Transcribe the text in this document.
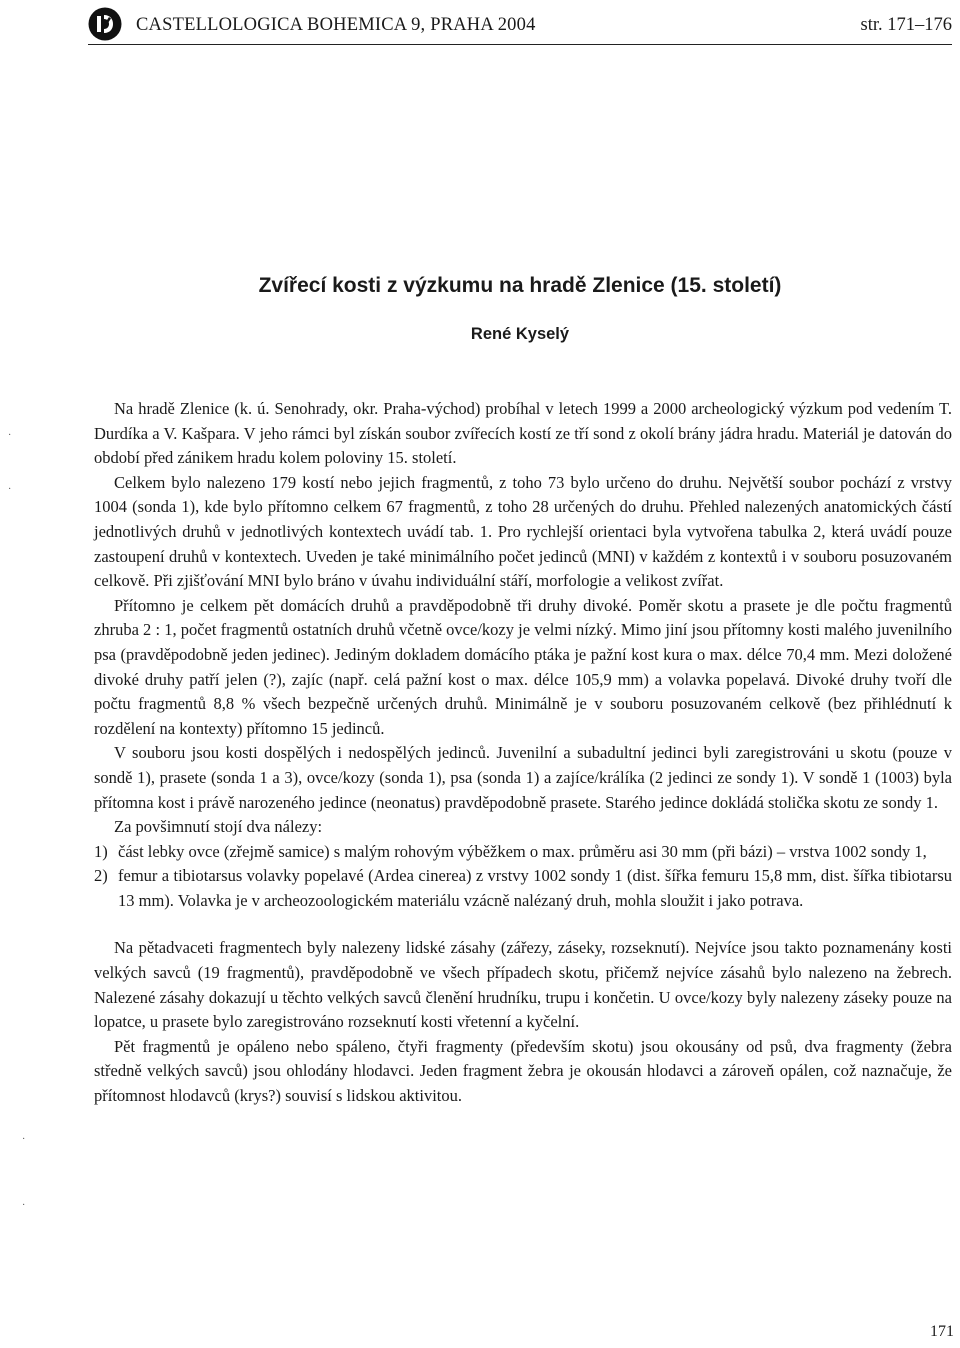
CASTELLOLOGICA BOHEMICA 9, PRAHA 2004	str. 171–176
Zvířecí kosti z výzkumu na hradě Zlenice (15. století)
René Kyselý

Na hradě Zlenice (k. ú. Senohrady, okr. Praha-východ) probíhal v letech 1999 a 2000 archeologický výzkum pod vedením T. Durdíka a V. Kašpara. V jeho rámci byl získán soubor zvířecích kostí ze tří sond z okolí brány jádra hradu. Materiál je datován do období před zánikem hradu kolem poloviny 15. století.

Celkem bylo nalezeno 179 kostí nebo jejich fragmentů, z toho 73 bylo určeno do druhu. Největší soubor pochází z vrstvy 1004 (sonda 1), kde bylo přítomno celkem 67 fragmentů, z toho 28 určených do druhu. Přehled nalezených anatomických částí jednotlivých druhů v jednotlivých kontextech uvádí tab. 1. Pro rychlejší orientaci byla vytvořena tabulka 2, která uvádí pouze zastoupení druhů v kontextech. Uveden je také minimálního počet jedinců (MNI) v každém z kontextů i v souboru posuzovaném celkově. Při zjišťování MNI bylo bráno v úvahu individuální stáří, morfologie a velikost zvířat.

Přítomno je celkem pět domácích druhů a pravděpodobně tři druhy divoké. Poměr skotu a prasete je dle počtu fragmentů zhruba 2 : 1, počet fragmentů ostatních druhů včetně ovce/kozy je velmi nízký. Mimo jiní jsou přítomny kosti malého juvenilního psa (pravděpodobně jeden jedinec). Jediným dokladem domácího ptáka je pažní kost kura o max. délce 70,4 mm. Mezi doložené divoké druhy patří jelen (?), zajíc (např. celá pažní kost o max. délce 105,9 mm) a volavka popelavá. Divoké druhy tvoří dle počtu fragmentů 8,8 % všech bezpečně určených druhů. Minimálně je v souboru posuzovaném celkově (bez přihlédnutí k rozdělení na kontexty) přítomno 15 jedinců.

V souboru jsou kosti dospělých i nedospělých jedinců. Juvenilní a subadultní jedinci byli zaregistrováni u skotu (pouze v sondě 1), prasete (sonda 1 a 3), ovce/kozy (sonda 1), psa (sonda 1) a zajíce/králíka (2 jedinci ze sondy 1). V sondě 1 (1003) byla přítomna kost i právě narozeného jedince (neonatus) pravděpodobně prasete. Starého jedince dokládá stolička skotu ze sondy 1.

Za povšimnutí stojí dva nálezy:

1) část lebky ovce (zřejmě samice) s malým rohovým výběžkem o max. průměru asi 30 mm (při bázi) – vrstva 1002 sondy 1,
2) femur a tibiotarsus volavky popelavé (Ardea cinerea) z vrstvy 1002 sondy 1 (dist. šířka femuru 15,8 mm, dist. šířka tibiotarsu 13 mm). Volavka je v archeozoologickém materiálu vzácně nalézaný druh, mohla sloužit i jako potrava.

Na pětadvaceti fragmentech byly nalezeny lidské zásahy (zářezy, záseky, rozseknutí). Nejvíce jsou takto poznamenány kosti velkých savců (19 fragmentů), pravděpodobně ve všech případech skotu, přičemž nejvíce zásahů bylo nalezeno na žebrech. Nalezené zásahy dokazují u těchto velkých savců členění hrudníku, trupu i končetin. U ovce/kozy byly nalezeny záseky pouze na lopatce, u prasete bylo zaregistrováno rozseknutí kosti vřetenní a kyčelní.

Pět fragmentů je opáleno nebo spáleno, čtyři fragmenty (především skotu) jsou okousány od psů, dva fragmenty (žebra středně velkých savců) jsou ohlodány hlodavci. Jeden fragment žebra je okousán hlodavci a zároveň opálen, což naznačuje, že přítomnost hlodavců (krys?) souvisí s lidskou aktivitou.

171
·
·
·
·
